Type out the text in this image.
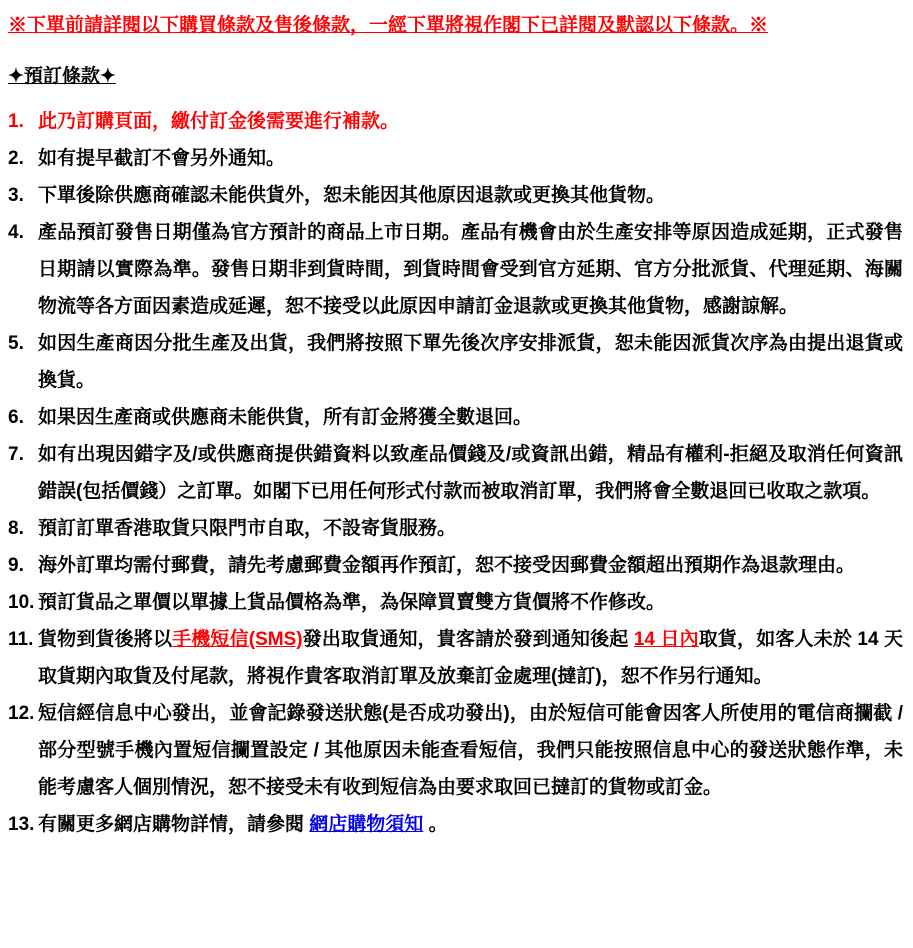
※下單前請詳閱以下購買條款及售後條款，一經下單將視作閣下已詳閱及默認以下條款。※
✦預訂條款✦
1. 此乃訂購頁面，繳付訂金後需要進行補款。
2. 如有提早截訂不會另外通知。
3. 下單後除供應商確認未能供貨外，恕未能因其他原因退款或更換其他貨物。
4. 產品預訂發售日期僅為官方預計的商品上市日期。產品有機會由於生產安排等原因造成延期，正式發售日期請以實際為準。發售日期非到貨時間，到貨時間會受到官方延期、官方分批派貨、代理延期、海關物流等各方面因素造成延遲，恕不接受以此原因申請訂金退款或更換其他貨物，感謝諒解。
5. 如因生產商因分批生產及出貨，我們將按照下單先後次序安排派貨，恕未能因派貨次序為由提出退貨或換貨。
6. 如果因生產商或供應商未能供貨，所有訂金將獲全數退回。
7. 如有出現因錯字及/或供應商提供錯資料以致產品價錢及/或資訊出錯，精品有權利-拒絕及取消任何資訊錯誤(包括價錢）之訂單。如閣下已用任何形式付款而被取消訂單，我們將會全數退回已收取之款項。
8. 預訂訂單香港取貨只限門市自取，不設寄貨服務。
9. 海外訂單均需付郵費，請先考慮郵費金額再作預訂，恕不接受因郵費金額超出預期作為退款理由。
10. 預訂貨品之單價以單據上貨品價格為準，為保障買賣雙方貨價將不作修改。
11. 貨物到貨後將以手機短信(SMS)發出取貨通知，貴客請於發到通知後起 14 日內取貨，如客人未於 14 天取貨期內取貨及付尾款，將視作貴客取消訂單及放棄訂金處理(撻訂)，恕不作另行通知。
12. 短信經信息中心發出，並會記錄發送狀態(是否成功發出)，由於短信可能會因客人所使用的電信商攔截 / 部分型號手機內置短信攔置設定 / 其他原因未能查看短信，我們只能按照信息中心的發送狀態作準，未能考慮客人個別情況，恕不接受未有收到短信為由要求取回已撻訂的貨物或訂金。
13. 有關更多網店購物詳情，請參閱 網店購物須知 。
